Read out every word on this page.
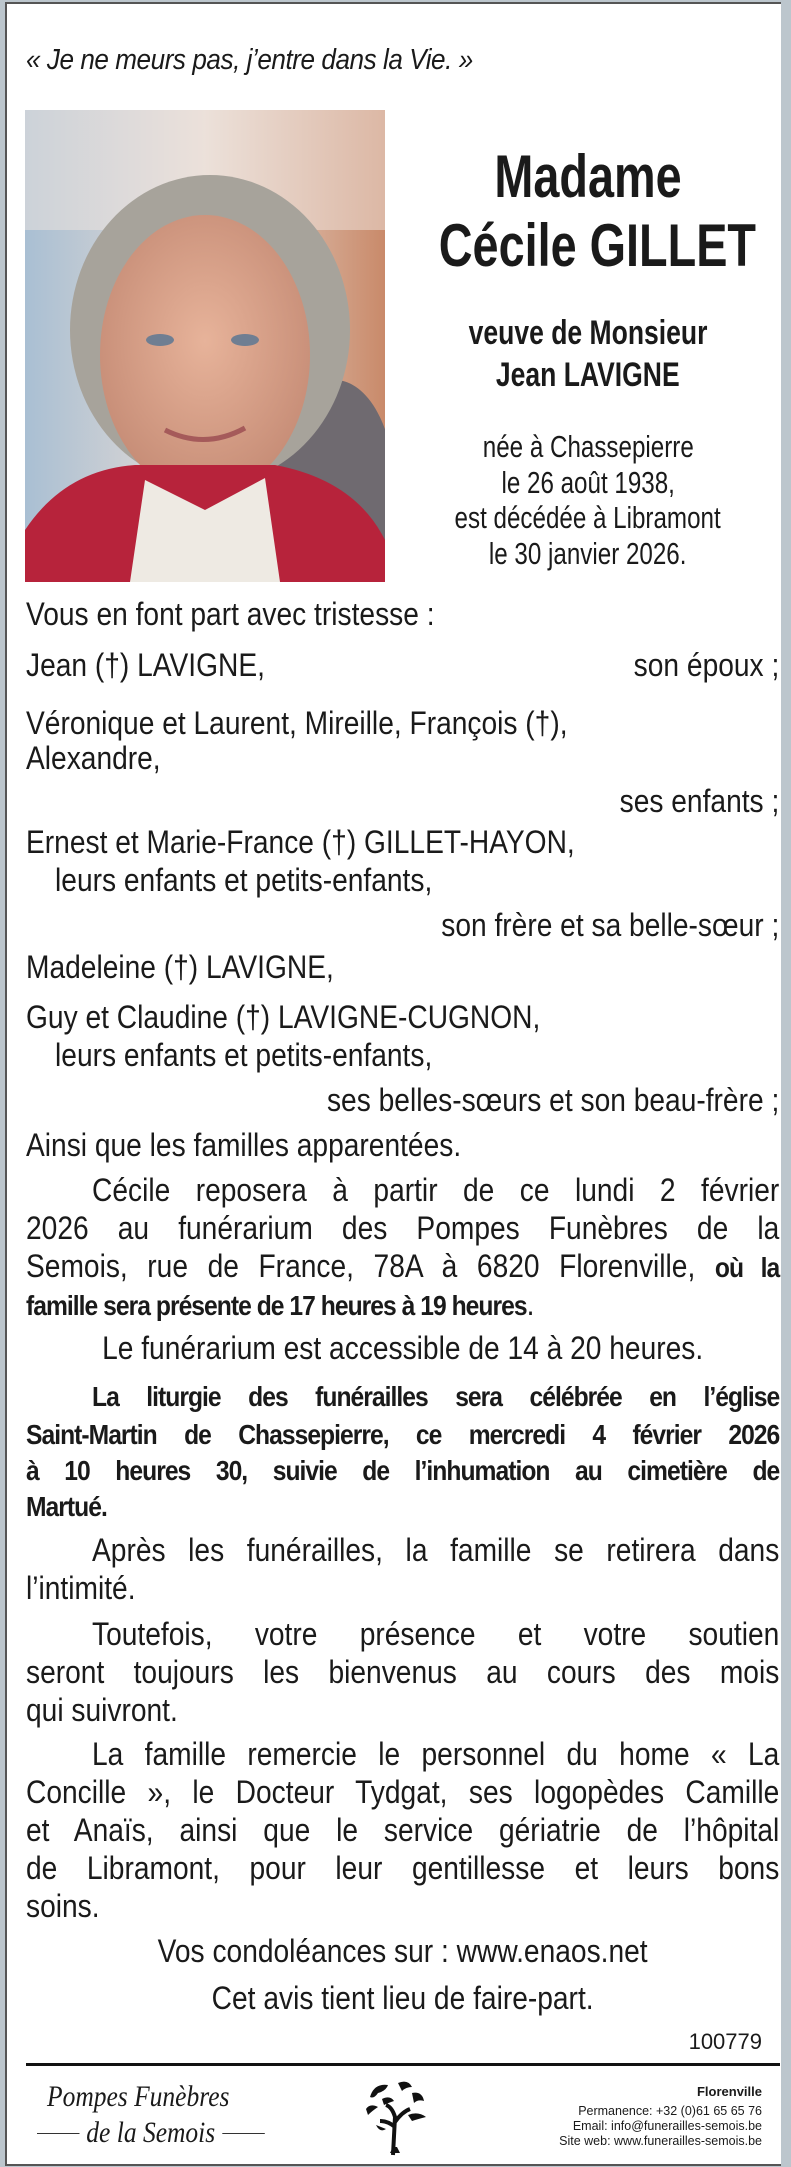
« Je ne meurs pas, j’entre dans la Vie. »
Madame
Cécile GILLET
veuve de Monsieur
Jean LAVIGNE
née à Chassepierre
le 26 août 1938,
est décédée à Libramont
le 30 janvier 2026.
Vous en font part avec tristesse :
Jean (†) LAVIGNE,	son époux ;
Véronique et Laurent, Mireille, François (†),
Alexandre,
ses enfants ;
Ernest et Marie-France (†) GILLET-HAYON,
leurs enfants et petits-enfants,
son frère et sa belle-sœur ;
Madeleine (†) LAVIGNE,
Guy et Claudine (†) LAVIGNE-CUGNON,
leurs enfants et petits-enfants,
ses belles-sœurs et son beau-frère ;
Ainsi que les familles apparentées.
Cécile reposera à partir de ce lundi 2 février
2026 au funérarium des Pompes Funèbres de la
Semois, rue de France, 78A à 6820 Florenville, où la
famille sera présente de 17 heures à 19 heures.
Le funérarium est accessible de 14 à 20 heures.
La liturgie des funérailles sera célébrée en l’église
Saint-Martin de Chassepierre, ce mercredi 4 février 2026
à 10 heures 30, suivie de l’inhumation au cimetière de
Martué.
Après les funérailles, la famille se retirera dans
l’intimité.
Toutefois, votre présence et votre soutien
seront toujours les bienvenus au cours des mois
qui suivront.
La famille remercie le personnel du home « La
Concille », le Docteur Tydgat, ses logopèdes Camille
et Anaïs, ainsi que le service gériatrie de l’hôpital
de Libramont, pour leur gentillesse et leurs bons
soins.
Vos condoléances sur : www.enaos.net
Cet avis tient lieu de faire-part.
100779
Pompes Funèbres
de la Semois
Florenville
Permanence: +32 (0)61 65 65 76
Email: info@funerailles-semois.be
Site web: www.funerailles-semois.be
